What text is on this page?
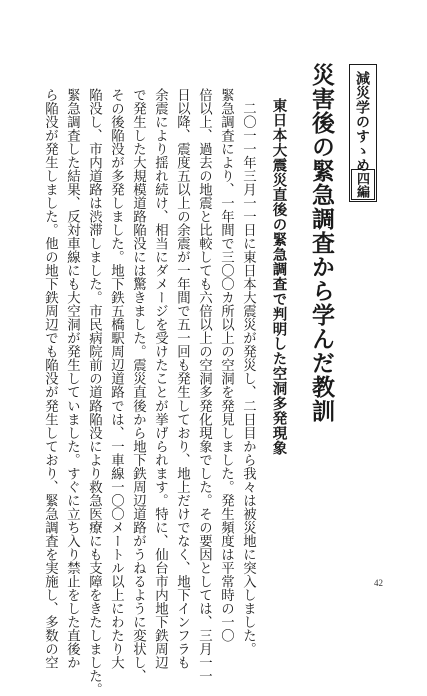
減災学のすゝめ
四編
災害後の緊急調査から学んだ教訓
東日本大震災直後の緊急調査で判明した空洞多発現象
　二〇一一年三月一一日に東日本大震災が発災し、二日目から我々は被災地に突入しました。
緊急調査により、一年間で三〇〇カ所以上の空洞を発見しました。発生頻度は平常時の一〇
倍以上、過去の地震と比較しても六倍以上の空洞多発化現象でした。その要因としては、三月一一
日以降、震度五以上の余震が一年間で五一回も発生しており、地上だけでなく、地下インフラも
余震により揺れ続け、相当にダメージを受けたことが挙げられます。特に、仙台市内地下鉄周辺
で発生した大規模道路陥没には驚きました。震災直後から地下鉄周辺道路がうねるように変状し、
その後陥没が多発しました。地下鉄五橋駅周辺道路では、一車線一〇〇メートル以上にわたり大
陥没し、市内道路は渋滞しました。市民病院前の道路陥没により救急医療にも支障をきたしました。
緊急調査した結果、反対車線にも大空洞が発生していました。すぐに立ち入り禁止をした直後か
ら陥没が発生しました。他の地下鉄周辺でも陥没が発生しており、緊急調査を実施し、多数の空	42
